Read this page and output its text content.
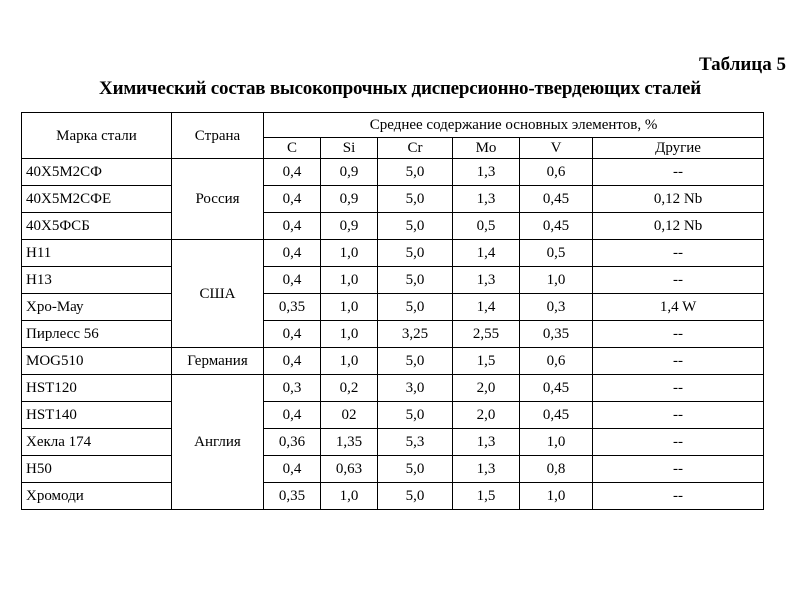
Таблица 5
Химический состав высокопрочных дисперсионно-твердеющих сталей
Марка стали	Страна	Среднее содержание основных элементов, %					
		C	Si	Cr	Mo	V	Другие
40Х5М2СФ	Россия	0,4	0,9	5,0	1,3	0,6	--
40Х5М2СФЕ		0,4	0,9	5,0	1,3	0,45	0,12 Nb
40Х5ФСБ		0,4	0,9	5,0	0,5	0,45	0,12 Nb
Н11	США	0,4	1,0	5,0	1,4	0,5	--
Н13		0,4	1,0	5,0	1,3	1,0	--
Хро-Мау		0,35	1,0	5,0	1,4	0,3	1,4 W
Пирлесс 56		0,4	1,0	3,25	2,55	0,35	--
MOG510	Германия	0,4	1,0	5,0	1,5	0,6	--
HST120	Англия	0,3	0,2	3,0	2,0	0,45	--
HST140		0,4	02	5,0	2,0	0,45	--
Хекла 174		0,36	1,35	5,3	1,3	1,0	--
Н50		0,4	0,63	5,0	1,3	0,8	--
Хромоди		0,35	1,0	5,0	1,5	1,0	--
